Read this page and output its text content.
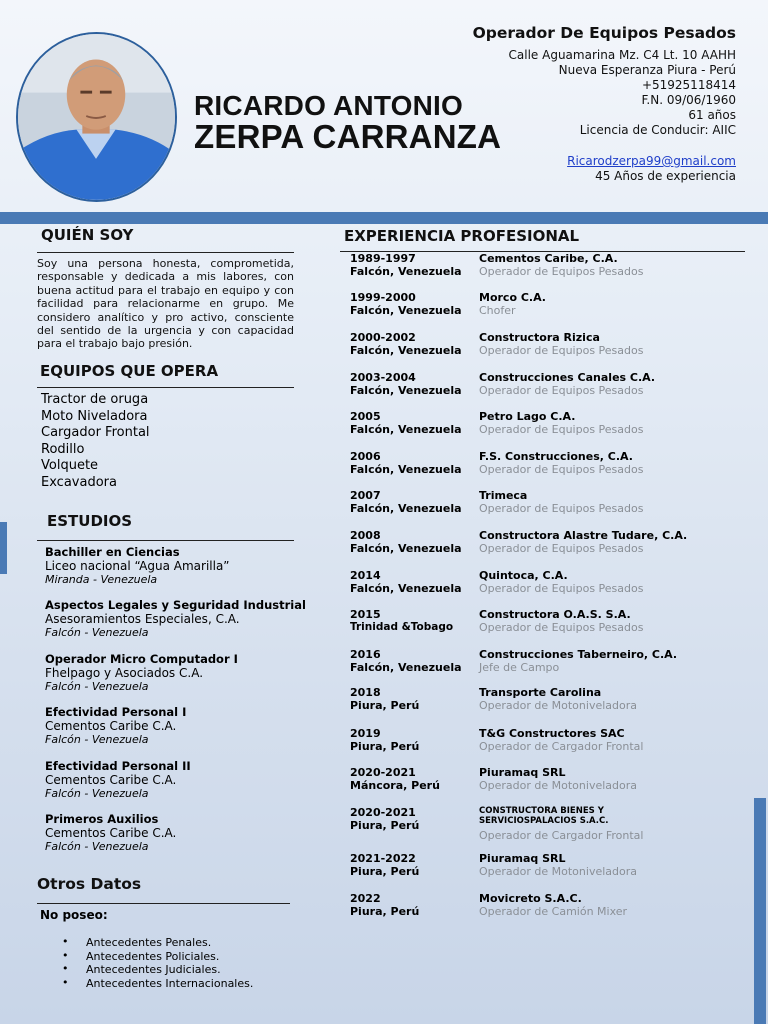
RICARDO ANTONIO
ZERPA CARRANZA
Operador De Equipos Pesados
Calle Aguamarina Mz. C4 Lt. 10 AAHH
Nueva Esperanza Piura - Perú
+51925118414
F.N. 09/06/1960
61 años
Licencia de Conducir: AIIC
Ricarodzerpa99@gmail.com
45 Años de experiencia
QUIÉN SOY
Soy una persona honesta, comprometida, responsable y dedicada a mis labores, con buena actitud para el trabajo en equipo y con facilidad para relacionarme en grupo. Me considero analítico y pro activo, consciente del sentido de la urgencia y con capacidad para el trabajo bajo presión.
EQUIPOS QUE OPERA
Tractor de oruga
Moto Niveladora
Cargador Frontal
Rodillo
Volquete
Excavadora
ESTUDIOS
Bachiller en Ciencias
Liceo nacional “Agua Amarilla”
Miranda - Venezuela
Aspectos Legales y Seguridad Industrial
Asesoramientos Especiales, C.A.
Falcón - Venezuela
Operador Micro Computador I
Fhelpago y Asociados C.A.
Falcón - Venezuela
Efectividad Personal I
Cementos Caribe C.A.
Falcón - Venezuela
Efectividad Personal II
Cementos Caribe C.A.
Falcón - Venezuela
Primeros Auxilios
Cementos Caribe C.A.
Falcón - Venezuela
Otros Datos
No poseo:
• Antecedentes Penales.
• Antecedentes Policiales.
• Antecedentes Judiciales.
• Antecedentes Internacionales.
EXPERIENCIA PROFESIONAL
1989-1997
Falcón, Venezuela
Cementos Caribe, C.A.
Operador de Equipos Pesados
1999-2000
Falcón, Venezuela
Morco C.A.
Chofer
2000-2002
Falcón, Venezuela
Constructora Rizica
Operador de Equipos Pesados
2003-2004
Falcón, Venezuela
Construcciones Canales C.A.
Operador de Equipos Pesados
2005
Falcón, Venezuela
Petro Lago C.A.
Operador de Equipos Pesados
2006
Falcón, Venezuela
F.S. Construcciones, C.A.
Operador de Equipos Pesados
2007
Falcón, Venezuela
Trimeca
Operador de Equipos Pesados
2008
Falcón, Venezuela
Constructora Alastre Tudare, C.A.
Operador de Equipos Pesados
2014
Falcón, Venezuela
Quintoca, C.A.
Operador de Equipos Pesados
2015
Trinidad &Tobago
Constructora O.A.S. S.A.
Operador de Equipos Pesados
2016
Falcón, Venezuela
Construcciones Taberneiro, C.A.
Jefe de Campo
2018
Piura, Perú
Transporte Carolina
Operador de Motoniveladora
2019
Piura, Perú
T&G Constructores SAC
Operador de Cargador Frontal
2020-2021
Máncora, Perú
Piuramaq SRL
Operador de Motoniveladora
2020-2021
Piura, Perú
CONSTRUCTORA BIENES Y SERVICIOSPALACIOS S.A.C.
Operador de Cargador Frontal
2021-2022
Piura, Perú
Piuramaq SRL
Operador de Motoniveladora
2022
Piura, Perú
Movicreto S.A.C.
Operador de Camión Mixer
